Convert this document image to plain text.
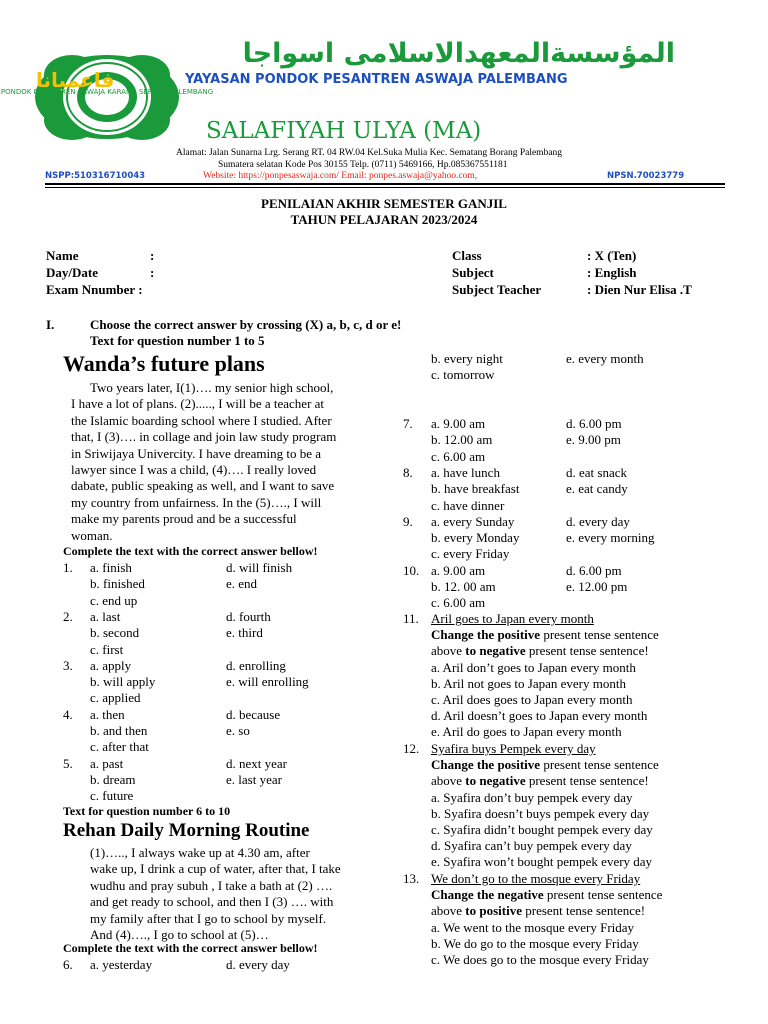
PONDOK PESANTREN ASWAJA KARANG SERANG PALEMBANG
فاعميانا
المؤسسةالمعهدالاسلامى اسواجا
YAYASAN PONDOK PESANTREN ASWAJA PALEMBANG
SALAFIYAH ULYA (MA)
Alamat: Jalan Sunarna Lrg. Serang RT. 04 RW.04 Kel.Suka Mulia Kec. Sematang Borang Palembang
Sumatera selatan Kode Pos 30155 Telp. (0711) 5469166, Hp.085367551181
NSPP:510316710043	Website: https://ponpesaswaja.com/ Email: ponpes.aswaja@yahoo.com,	NPSN.70023779
PENILAIAN AKHIR SEMESTER GANJIL
TAHUN PELAJARAN 2023/2024
Name	:
Day/Date	:
Exam Nnumber :
Class	: X (Ten)
Subject	: English
Subject Teacher	: Dien Nur Elisa .T
I.	Choose the correct answer by crossing (X) a, b, c, d or e!
Text for question number 1 to 5
Wanda’s future plans
Two years later, I(1)…. my senior high school,
I have a lot of plans. (2)....., I will be a teacher at
the Islamic boarding school where I studied. After
that, I (3)…. in collage and join law study program
in Sriwijaya Univercity. I have dreaming to be a
lawyer since I was a child, (4)…. I really loved
dabate, public speaking as well, and I want to save
my country from unfairness. In the (5)…., I will
make my parents proud and be a successful
woman.
Complete the text with the correct answer bellow!
1. a. finish	d. will finish
b. finished	e. end
c. end up
2. a. last	d. fourth
b. second	e. third
c. first
3. a. apply	d. enrolling
b. will apply	e. will enrolling
c. applied
4. a. then	d. because
b. and then	e. so
c. after that
5. a. past	d. next year
b. dream	e. last year
c. future
Text for question number 6 to 10
Rehan Daily Morning Routine
(1)….., I always wake up at 4.30 am, after
wake up, I drink a cup of water, after that, I take
wudhu and pray subuh , I take a bath at (2) ….
and get ready to school, and then I (3) …. with
my family after that I go to school by myself.
And (4)…., I go to school at (5)…
Complete the text with the correct answer bellow!
6. a. yesterday	d. every day
b. every night	e. every month
c. tomorrow
7. a. 9.00 am	d. 6.00 pm
b. 12.00 am	e. 9.00 pm
c. 6.00 am
8. a. have lunch	d. eat snack
b. have breakfast	e. eat candy
c. have dinner
9. a. every Sunday	d. every day
b. every Monday	e. every morning
c. every Friday
10. a. 9.00 am	d. 6.00 pm
b. 12. 00 am	e. 12.00 pm
c. 6.00 am
11. Aril goes to Japan every month
Change the positive present tense sentence
above to negative present tense sentence!
a. Aril don’t goes to Japan every month
b. Aril not goes to Japan every month
c. Aril does goes to Japan every month
d. Aril doesn’t goes to Japan every month
e. Aril do goes to Japan every month
12. Syafira buys Pempek every day
Change the positive present tense sentence
above to negative present tense sentence!
a. Syafira don’t buy pempek every day
b. Syafira doesn’t buys pempek every day
c. Syafira didn’t bought pempek every day
d. Syafira can’t buy pempek every day
e. Syafira won’t bought pempek every day
13. We don’t go to the mosque every Friday
Change the negative present tense sentence
above to positive present tense sentence!
a. We went to the mosque every Friday
b. We do go to the mosque every Friday
c. We does go to the mosque every Friday
